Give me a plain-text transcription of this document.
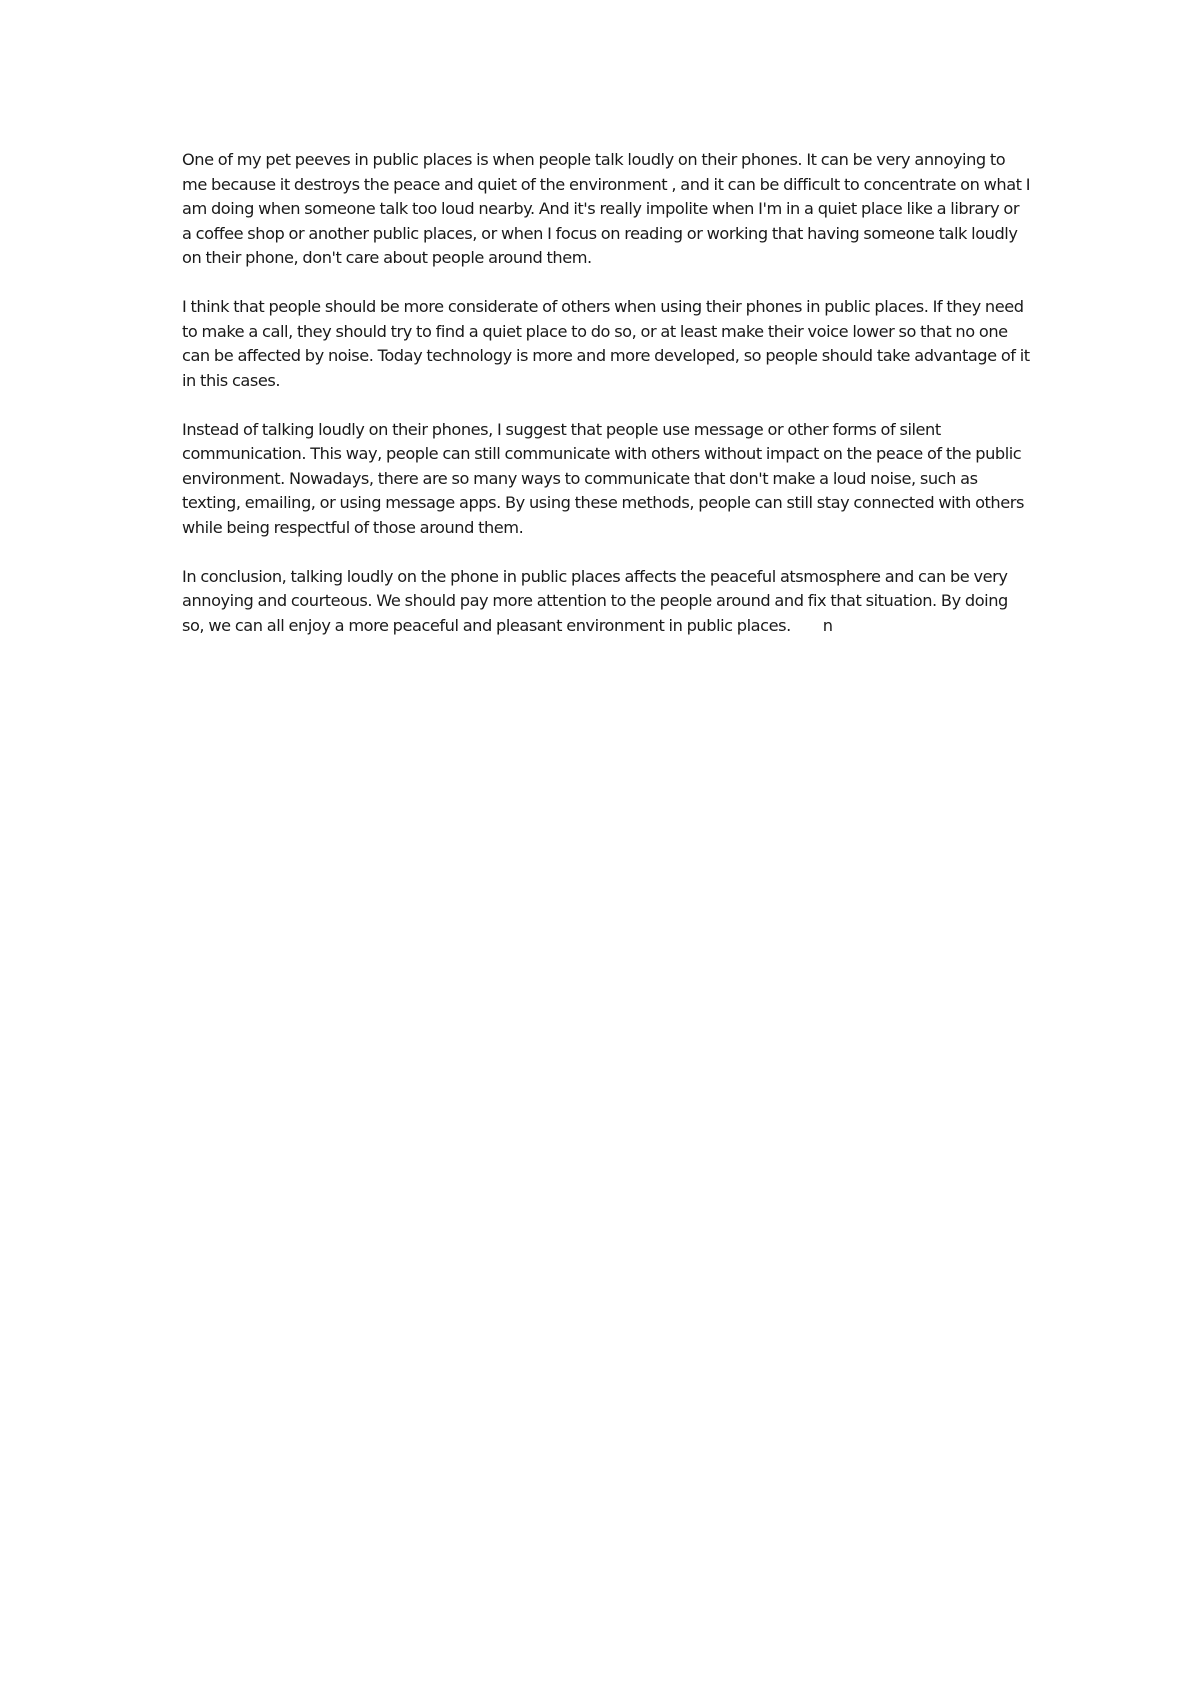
One of my pet peeves in public places is when people talk loudly on their phones. It can be very annoying to me because it destroys the peace and quiet of the environment , and it can be difficult to concentrate on what I am doing when someone talk too loud nearby. And it's really impolite when I'm in a quiet place like a library or a coffee shop or another public places, or when I focus on reading or working that having someone talk loudly on their phone, don't care about people around them.

I think that people should be more considerate of others when using their phones in public places. If they need to make a call, they should try to find a quiet place to do so, or at least make their voice lower so that no one can be affected by noise. Today technology is more and more developed, so people should take advantage of it in this cases.

Instead of talking loudly on their phones, I suggest that people use message or other forms of silent communication. This way, people can still communicate with others without impact on the peace of the public environment. Nowadays, there are so many ways to communicate that don't make a loud noise, such as texting, emailing, or using message apps. By using these methods, people can still stay connected with others while being respectful of those around them.

In conclusion, talking loudly on the phone in public places affects the peaceful atsmosphere and can be very annoying and courteous. We should pay more attention to the people around and fix that situation. By doing so, we can all enjoy a more peaceful and pleasant environment in public places. n
